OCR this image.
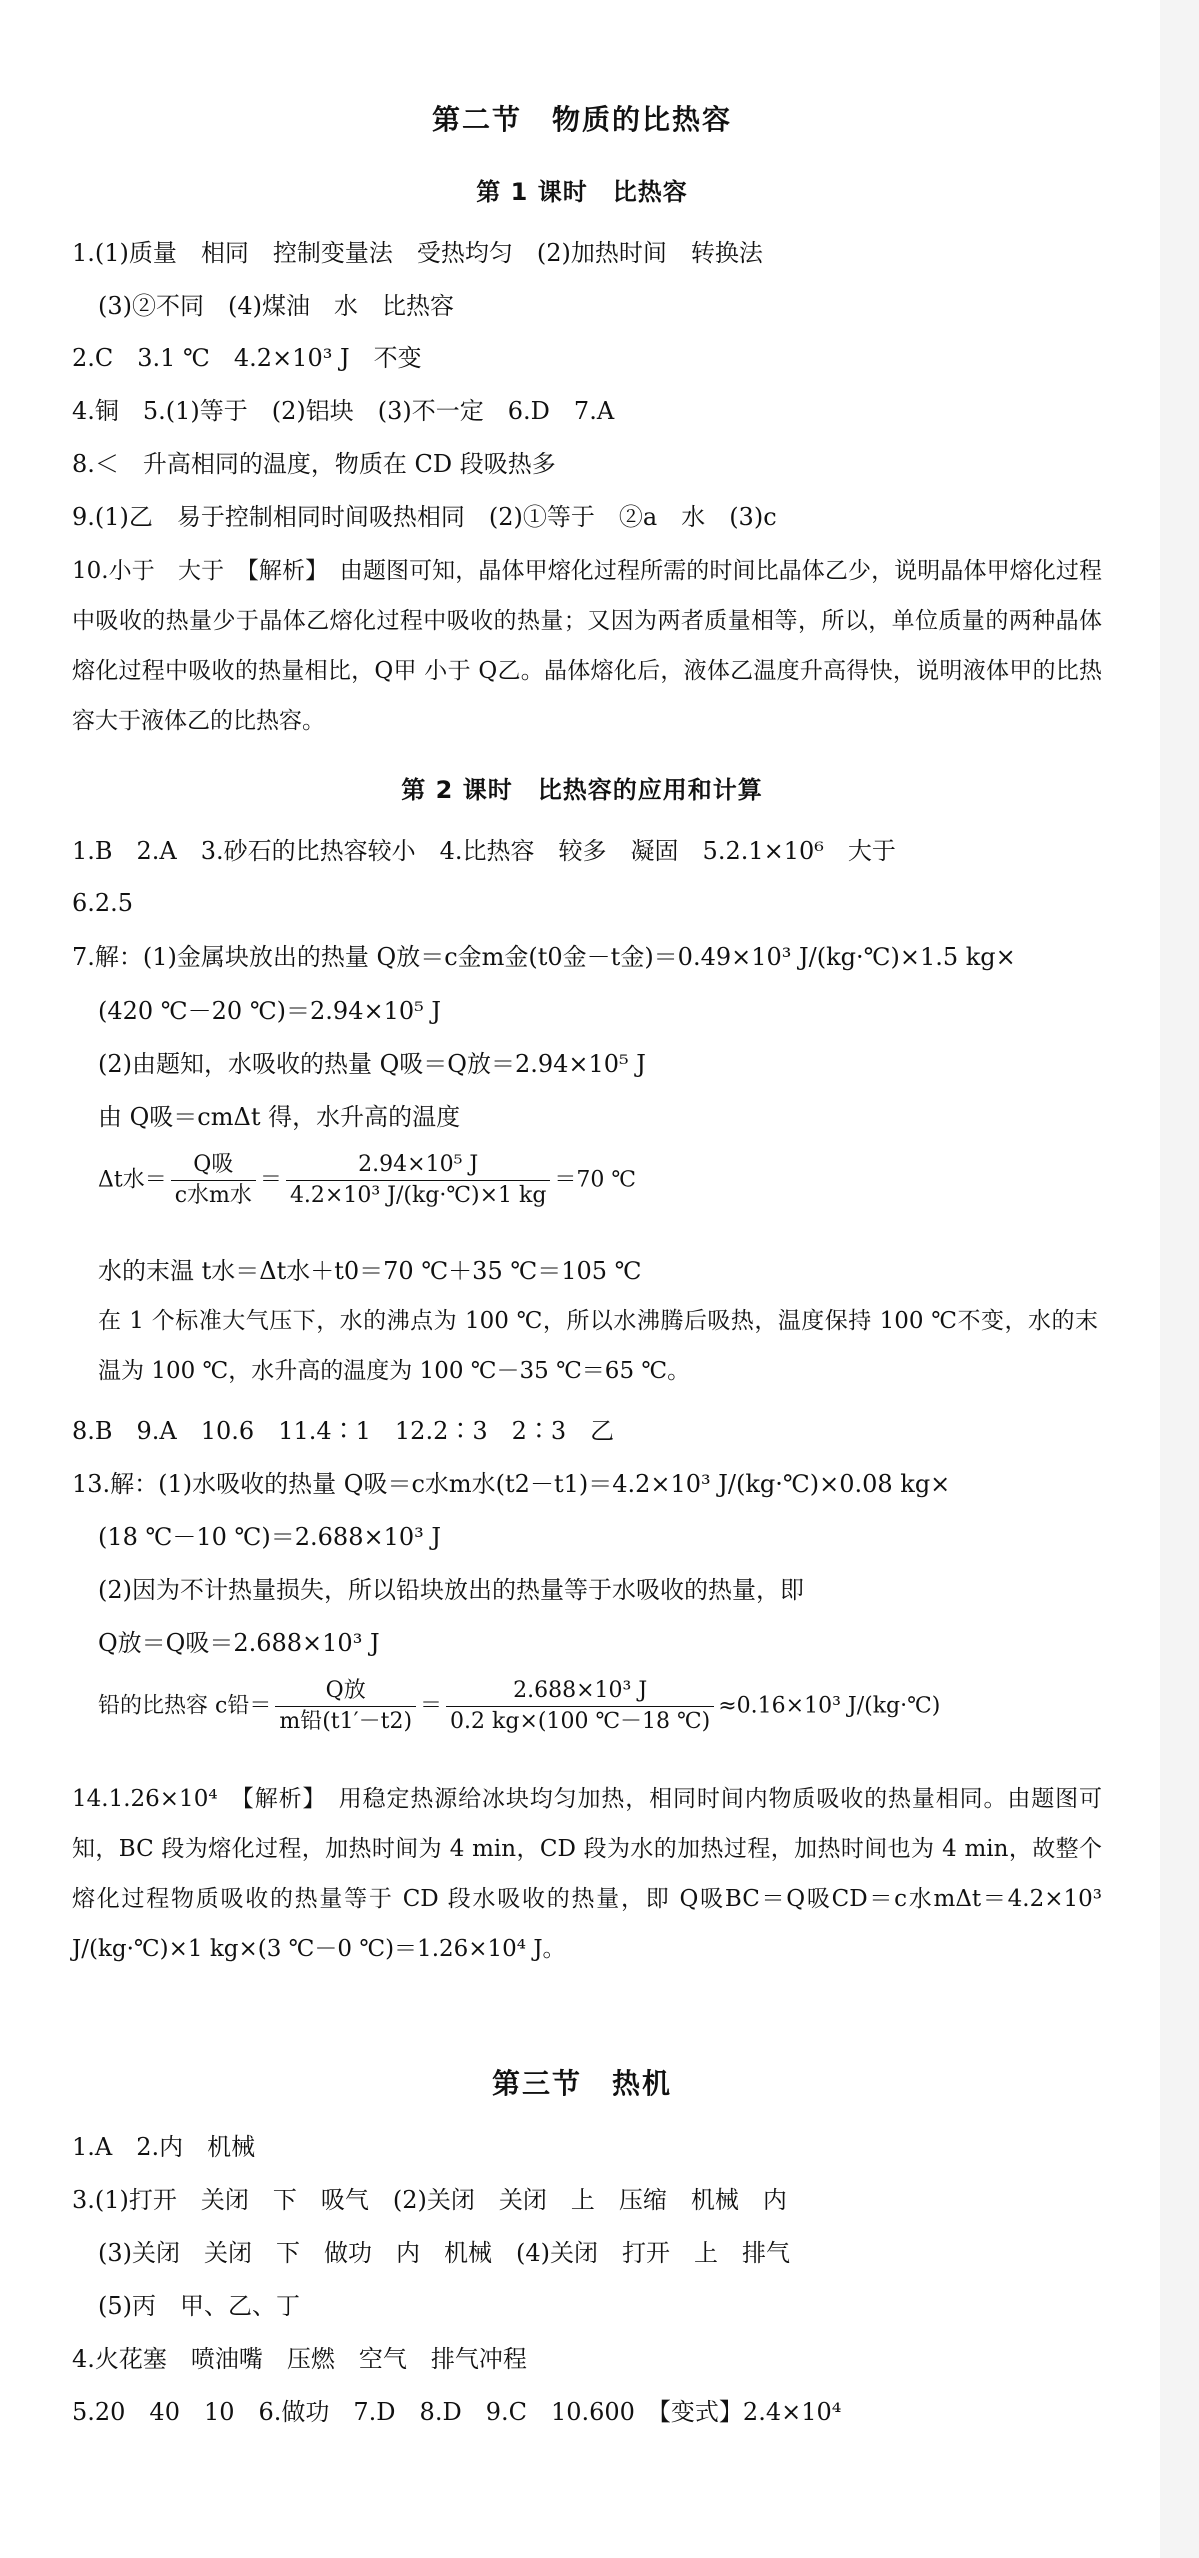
第二节　物质的比热容
第 1 课时　比热容
1.(1)质量　相同　控制变量法　受热均匀　(2)加热时间　转换法
(3)②不同　(4)煤油　水　比热容
2.C　3.1 ℃　4.2×10³ J　不变
4.铜　5.(1)等于　(2)铝块　(3)不一定　6.D　7.A
8.＜　升高相同的温度，物质在 CD 段吸热多
9.(1)乙　易于控制相同时间吸热相同　(2)①等于　②a　水　(3)c
10.小于　大于　【解析】　由题图可知，晶体甲熔化过程所需的时间比晶体乙少，说明晶体甲熔化过程中吸收的热量少于晶体乙熔化过程中吸收的热量；又因为两者质量相等，所以，单位质量的两种晶体熔化过程中吸收的热量相比，Q甲 小于 Q乙。晶体熔化后，液体乙温度升高得快，说明液体甲的比热容大于液体乙的比热容。
第 2 课时　比热容的应用和计算
1.B　2.A　3.砂石的比热容较小　4.比热容　较多　凝固　5.2.1×10⁶　大于
6.2.5
7.解：(1)金属块放出的热量 Q放＝c金m金(t0金－t金)＝0.49×10³ J/(kg·℃)×1.5 kg×
(420 ℃－20 ℃)＝2.94×10⁵ J
(2)由题知，水吸收的热量 Q吸＝Q放＝2.94×10⁵ J
由 Q吸＝cmΔt 得，水升高的温度
Δt水＝ $\frac{\text{Q吸}}{\text{c水m水}} = \frac{\text{2.94×10⁵ J}}{\text{4.2×10³ J/(kg·℃)×1 kg}} =70$ ℃
水的末温 t水＝Δt水＋t0＝70 ℃＋35 ℃＝105 ℃
在 1 个标准大气压下，水的沸点为 100 ℃，所以水沸腾后吸热，温度保持 100 ℃不变，水的末温为 100 ℃，水升高的温度为 100 ℃－35 ℃＝65 ℃。
8.B　9.A　10.6　11.4∶1　12.2∶3　2∶3　乙
13.解：(1)水吸收的热量 Q吸＝c水m水(t2－t1)＝4.2×10³ J/(kg·℃)×0.08 kg×
(18 ℃－10 ℃)＝2.688×10³ J
(2)因为不计热量损失，所以铅块放出的热量等于水吸收的热量，即
Q放＝Q吸＝2.688×10³ J
铅的比热容 c铅＝ $\frac{\text{Q放}}{\text{m铅(t1′－t2)}} = \frac{\text{2.688×10³ J}}{0.2 kg\times(100 ℃-18 ℃)} \approx 0.16\times 10^3$ J/(kg·℃)
14.1.26×10⁴　【解析】　用稳定热源给冰块均匀加热，相同时间内物质吸收的热量相同。由题图可知，BC 段为熔化过程，加热时间为 4 min，CD 段为水的加热过程，加热时间也为 4 min，故整个熔化过程物质吸收的热量等于 CD 段水吸收的热量，即 Q吸BC＝Q吸CD＝c水mΔt＝4.2×10³ J/(kg·℃)×1 kg×(3 ℃－0 ℃)＝1.26×10⁴ J。
第三节　热机
1.A　2.内　机械
3.(1)打开　关闭　下　吸气　(2)关闭　关闭　上　压缩　机械　内
(3)关闭　关闭　下　做功　内　机械　(4)关闭　打开　上　排气
(5)丙　甲、乙、丁
4.火花塞　喷油嘴　压燃　空气　排气冲程
5.20　40　10　6.做功　7.D　8.D　9.C　10.600　【变式】2.4×10⁴
